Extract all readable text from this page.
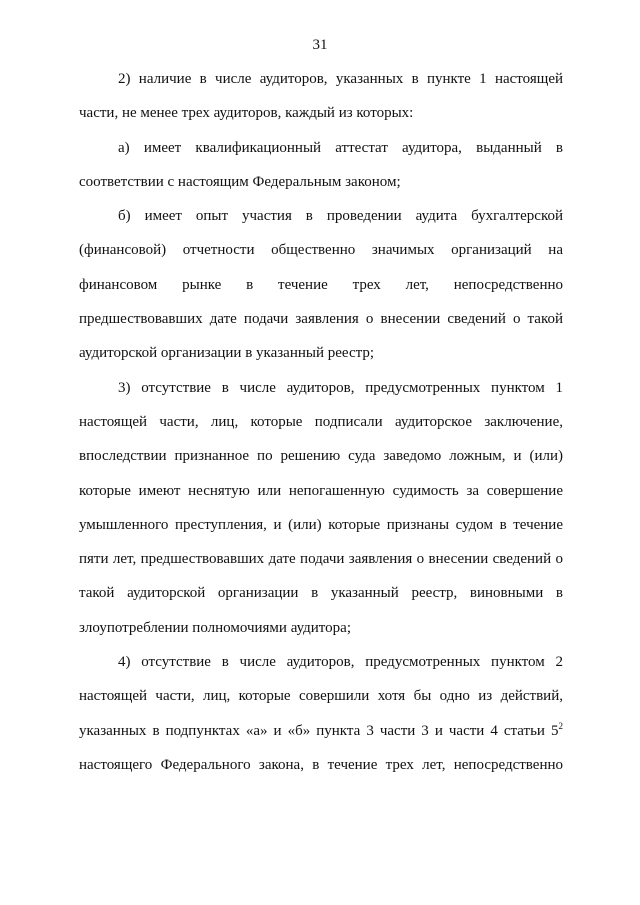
31
2) наличие в числе аудиторов, указанных в пункте 1 настоящей
части, не менее трех аудиторов, каждый из которых:
а) имеет квалификационный аттестат аудитора, выданный в
соответствии с настоящим Федеральным законом;
б) имеет опыт участия в проведении аудита бухгалтерской
(финансовой) отчетности общественно значимых организаций на
финансовом рынке в течение трех лет, непосредственно
предшествовавших дате подачи заявления о внесении сведений о такой
аудиторской организации в указанный реестр;
3) отсутствие в числе аудиторов, предусмотренных пунктом 1
настоящей части, лиц, которые подписали аудиторское заключение,
впоследствии признанное по решению суда заведомо ложным, и (или)
которые имеют неснятую или непогашенную судимость за совершение
умышленного преступления, и (или) которые признаны судом в течение
пяти лет, предшествовавших дате подачи заявления о внесении сведений о
такой аудиторской организации в указанный реестр, виновными в
злоупотреблении полномочиями аудитора;
4) отсутствие в числе аудиторов, предусмотренных пунктом 2
настоящей части, лиц, которые совершили хотя бы одно из действий,
указанных в подпунктах «а» и «б» пункта 3 части 3 и части 4 статьи $5^2$
настоящего Федерального закона, в течение трех лет, непосредственно
